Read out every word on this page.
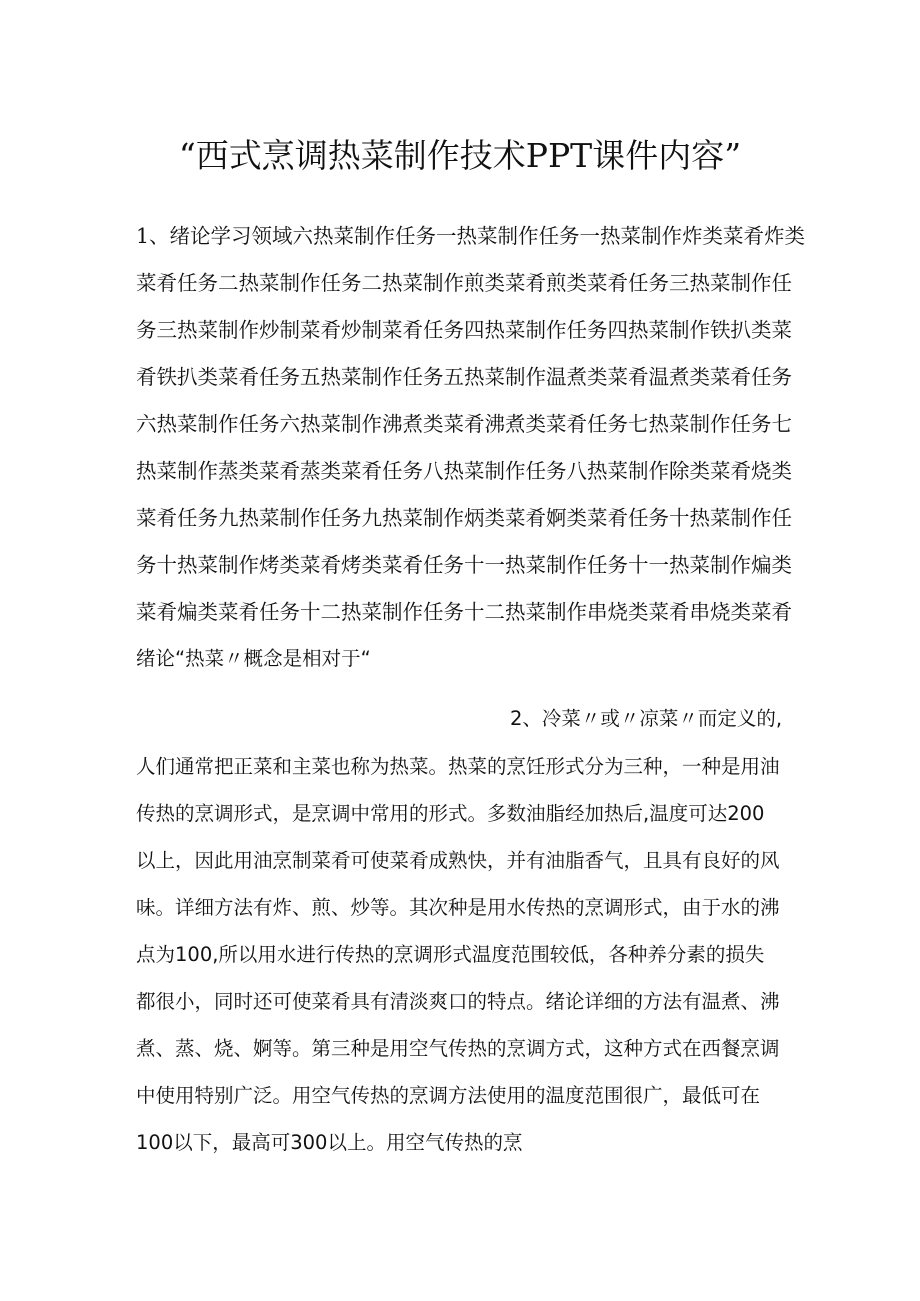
“西式烹调热菜制作技术PPT课件内容”
1、绪论学习领域六热菜制作任务一热菜制作任务一热菜制作炸类菜肴炸类
菜肴任务二热菜制作任务二热菜制作煎类菜肴煎类菜肴任务三热菜制作任
务三热菜制作炒制菜肴炒制菜肴任务四热菜制作任务四热菜制作铁扒类菜
肴铁扒类菜肴任务五热菜制作任务五热菜制作温煮类菜肴温煮类菜肴任务
六热菜制作任务六热菜制作沸煮类菜肴沸煮类菜肴任务七热菜制作任务七
热菜制作蒸类菜肴蒸类菜肴任务八热菜制作任务八热菜制作除类菜肴烧类
菜肴任务九热菜制作任务九热菜制作炳类菜肴婀类菜肴任务十热菜制作任
务十热菜制作烤类菜肴烤类菜肴任务十一热菜制作任务十一热菜制作煸类
菜肴煸类菜肴任务十二热菜制作任务十二热菜制作串烧类菜肴串烧类菜肴
绪论“热菜〃概念是相对于“
2、冷菜〃或〃凉菜〃而定义的,
人们通常把正菜和主菜也称为热菜。热菜的烹饪形式分为三种，一种是用油
传热的烹调形式，是烹调中常用的形式。多数油脂经加热后,温度可达200
以上，因此用油烹制菜肴可使菜肴成熟快，并有油脂香气，且具有良好的风
味。详细方法有炸、煎、炒等。其次种是用水传热的烹调形式，由于水的沸
点为100,所以用水进行传热的烹调形式温度范围较低，各种养分素的损失
都很小，同时还可使菜肴具有清淡爽口的特点。绪论详细的方法有温煮、沸
煮、蒸、烧、婀等。第三种是用空气传热的烹调方式，这种方式在西餐烹调
中使用特别广泛。用空气传热的烹调方法使用的温度范围很广，最低可在
100以下，最高可300以上。用空气传热的烹
